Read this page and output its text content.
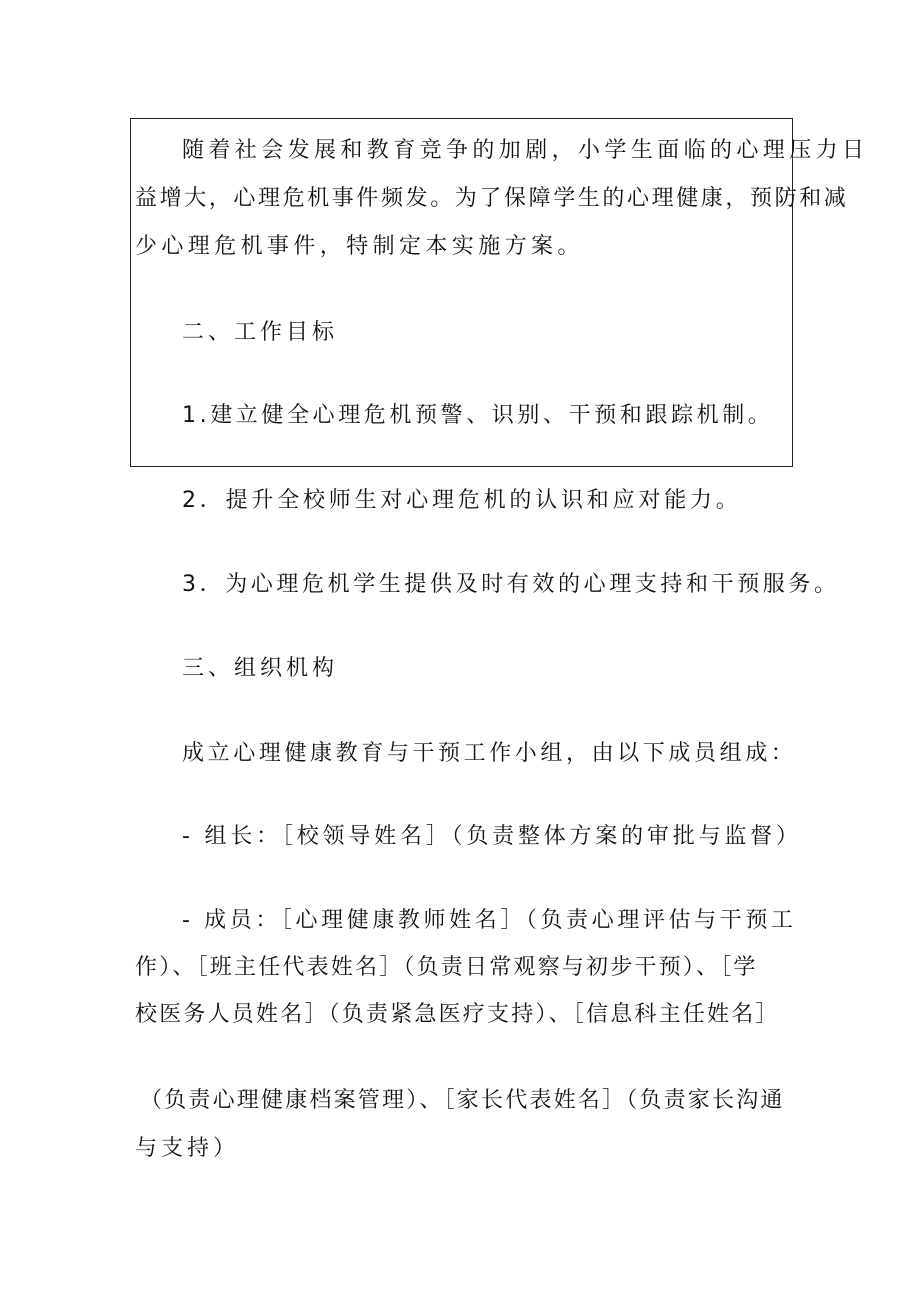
随着社会发展和教育竞争的加剧，小学生面临的心理压力日
益增大，心理危机事件频发。为了保障学生的心理健康，预防和减
少心理危机事件，特制定本实施方案。
二、工作目标
1.建立健全心理危机预警、识别、干预和跟踪机制。
2．提升全校师生对心理危机的认识和应对能力。
3．为心理危机学生提供及时有效的心理支持和干预服务。
三、组织机构
成立心理健康教育与干预工作小组，由以下成员组成：
- 组长：［校领导姓名］（负责整体方案的审批与监督）
- 成员：［心理健康教师姓名］（负责心理评估与干预工
作）、［班主任代表姓名］（负责日常观察与初步干预）、［学
校医务人员姓名］（负责紧急医疗支持）、［信息科主任姓名］
（负责心理健康档案管理）、［家长代表姓名］（负责家长沟通
与支持）
